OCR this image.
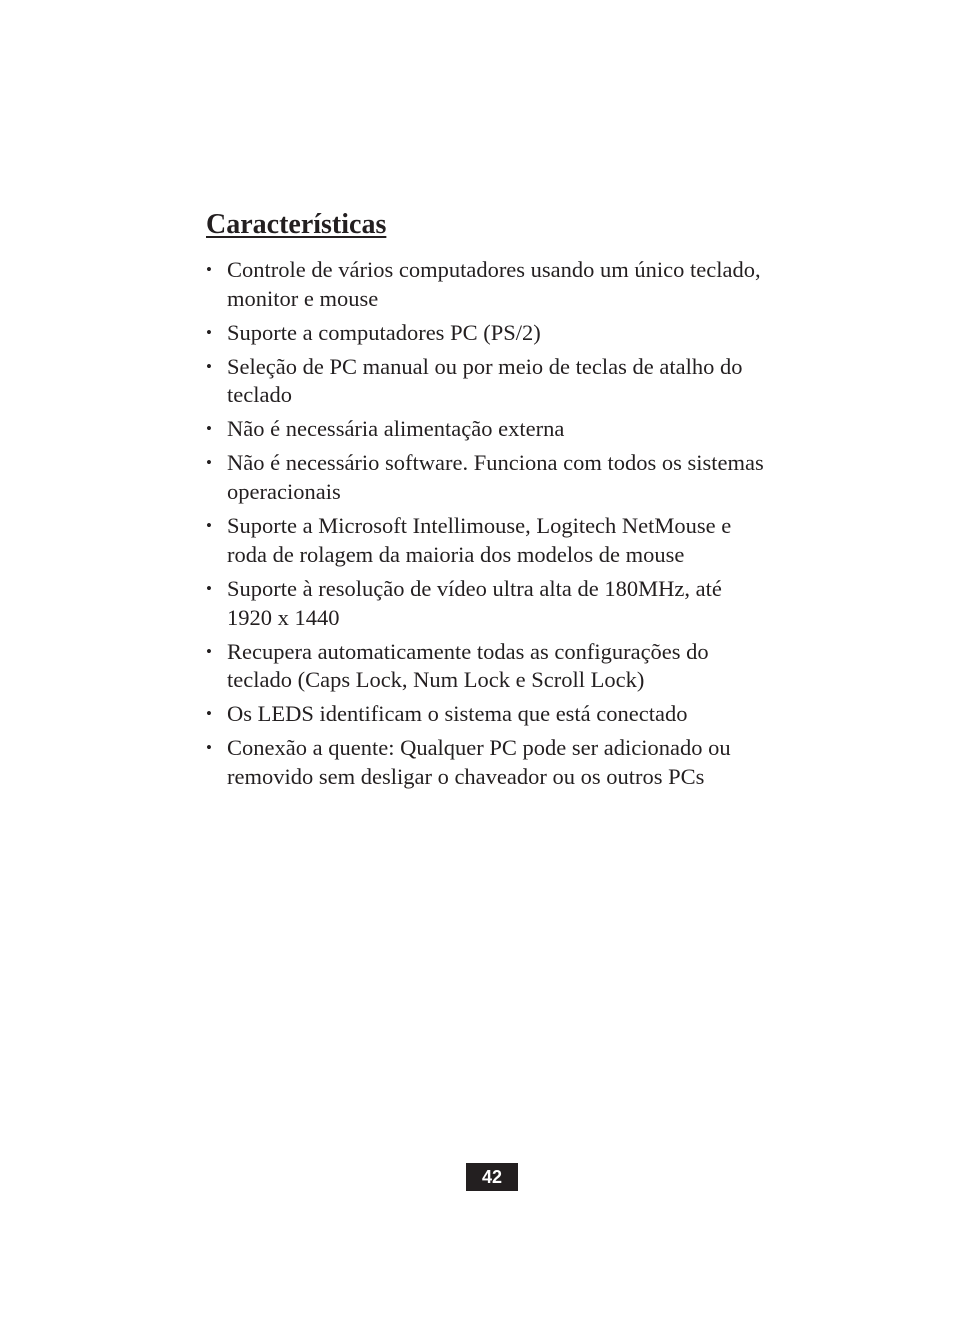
Características
• Controle de vários computadores usando um único teclado, monitor e mouse
• Suporte a computadores PC (PS/2)
• Seleção de PC manual ou por meio de teclas de atalho do teclado
• Não é necessária alimentação externa
• Não é necessário software. Funciona com todos os sistemas operacionais
• Suporte a Microsoft Intellimouse, Logitech NetMouse e roda de rolagem da maioria dos modelos de mouse
• Suporte à resolução de vídeo ultra alta de 180MHz, até 1920 x 1440
• Recupera automaticamente todas as configurações do teclado (Caps Lock, Num Lock e Scroll Lock)
• Os LEDS identificam o sistema que está conectado
• Conexão a quente: Qualquer PC pode ser adicionado ou removido sem desligar o chaveador ou os outros PCs
42
